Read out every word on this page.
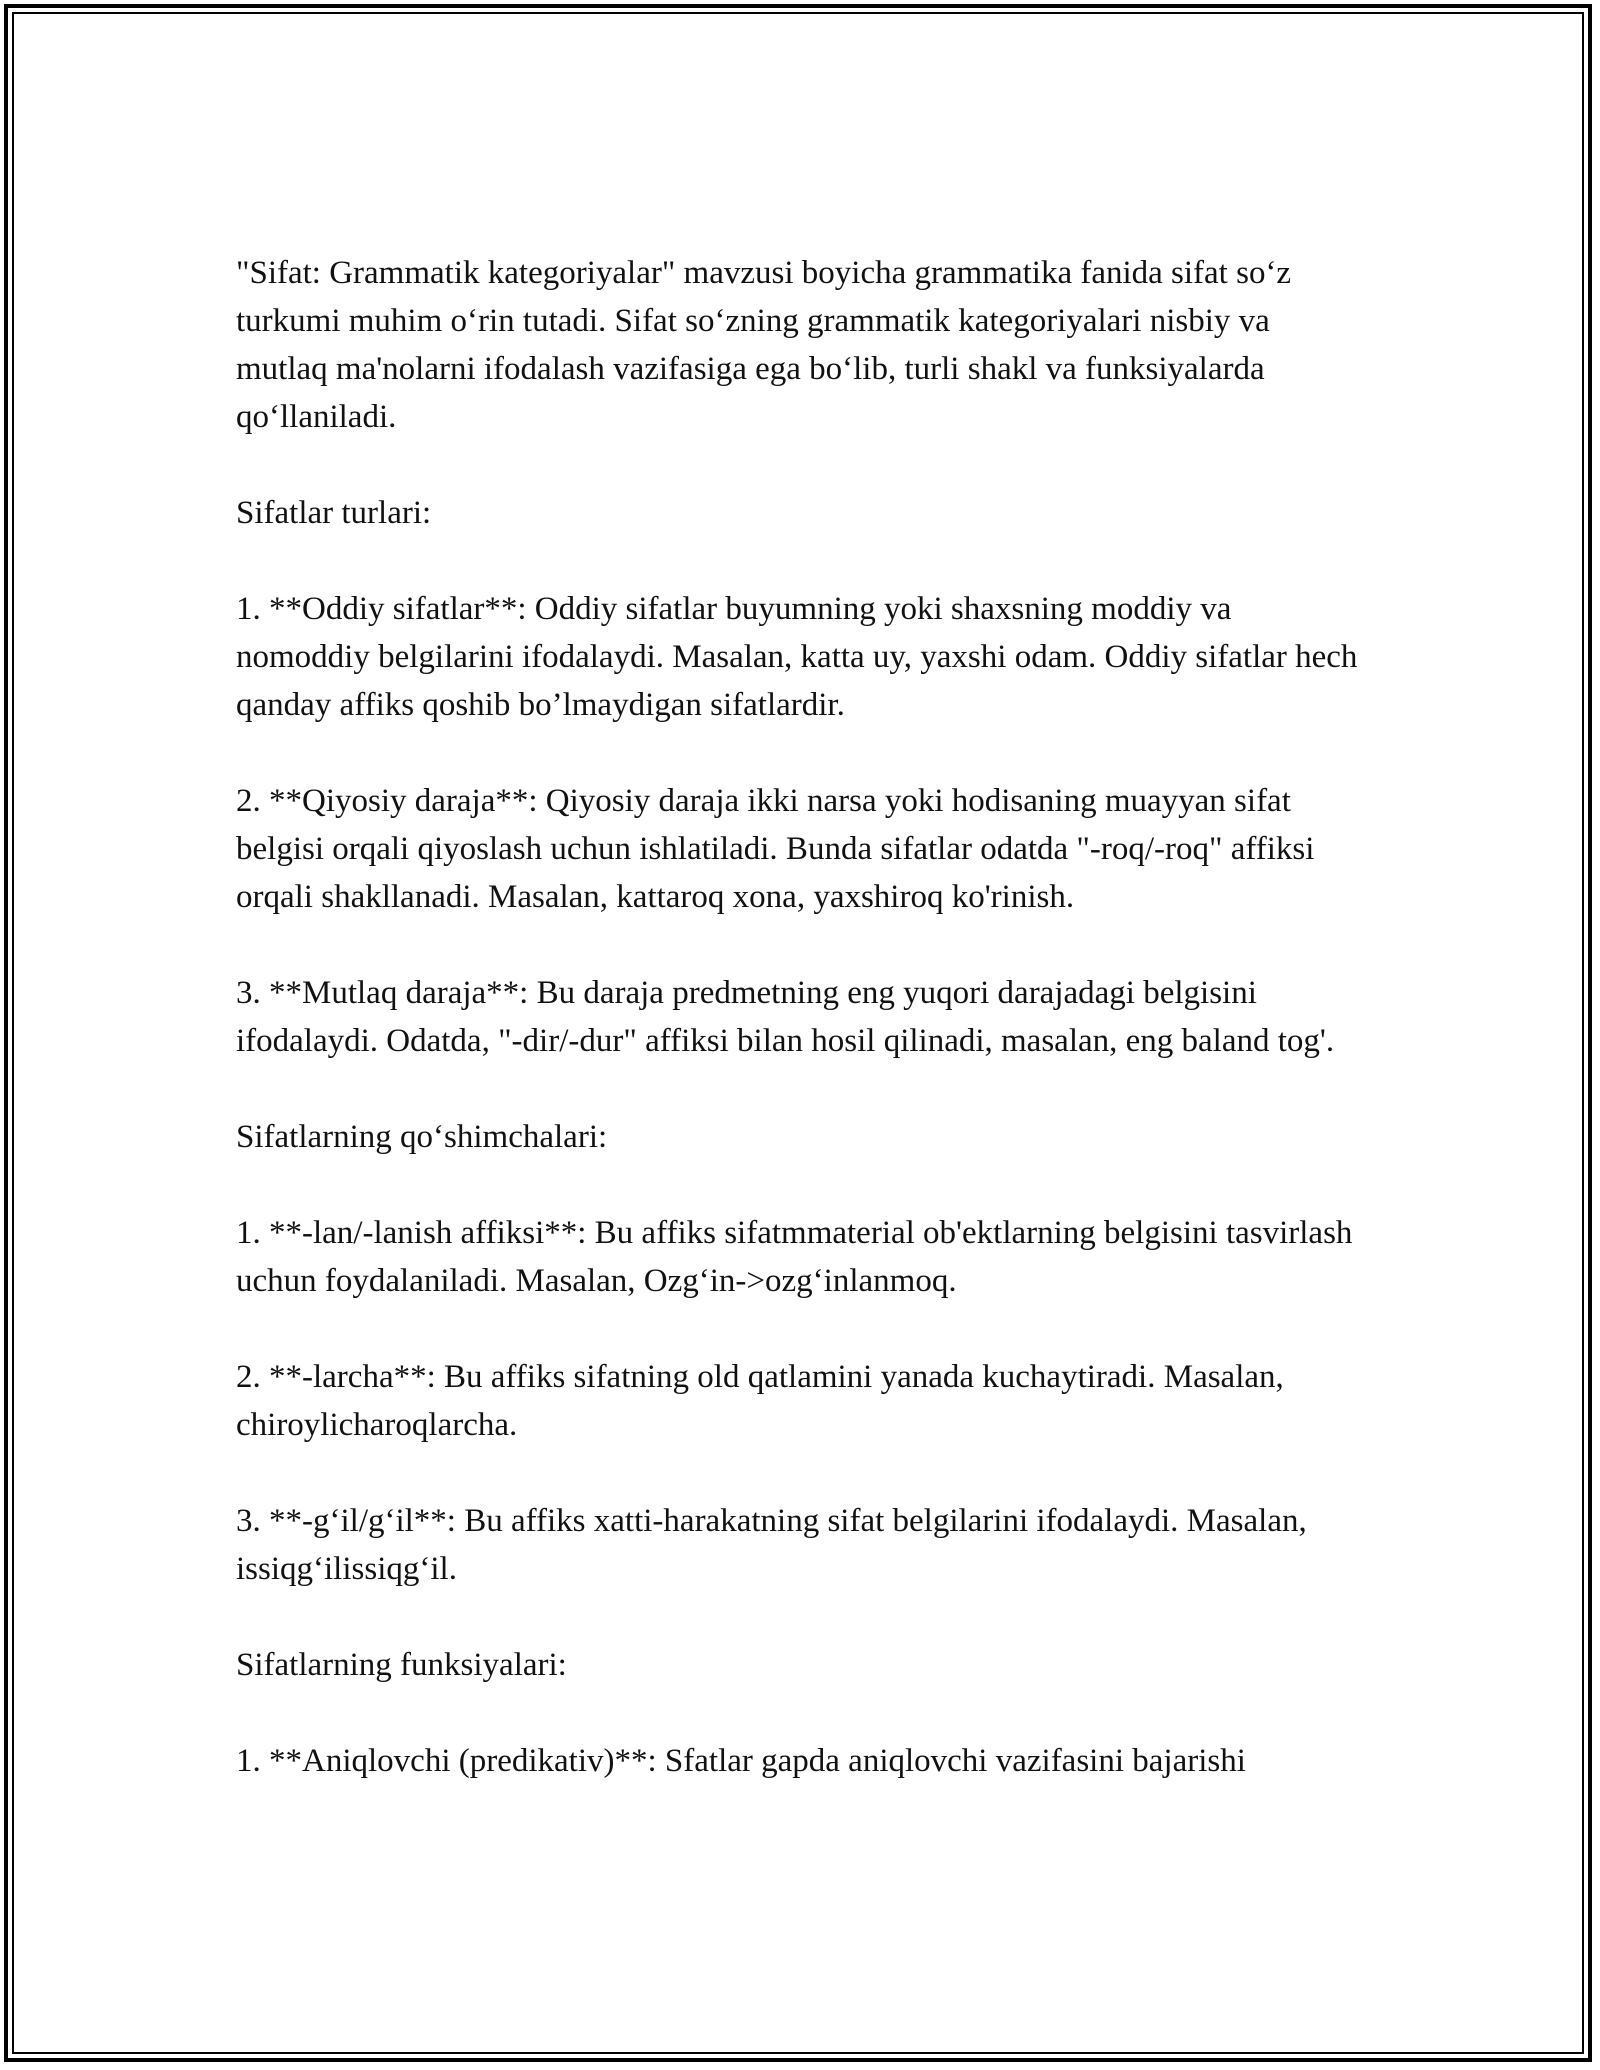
"Sifat: Grammatik kategoriyalar" mavzusi boyicha grammatika fanida sifat so‘z turkumi muhim o‘rin tutadi. Sifat so‘zning grammatik kategoriyalari nisbiy va mutlaq ma'nolarni ifodalash vazifasiga ega bo‘lib, turli shakl va funksiyalarda qo‘llaniladi.

Sifatlar turlari:

1. **Oddiy sifatlar**: Oddiy sifatlar buyumning yoki shaxsning moddiy va nomoddiy belgilarini ifodalaydi. Masalan, katta uy, yaxshi odam. Oddiy sifatlar hech qanday affiks qoshib bo’lmaydigan sifatlardir.

2. **Qiyosiy daraja**: Qiyosiy daraja ikki narsa yoki hodisaning muayyan sifat belgisi orqali qiyoslash uchun ishlatiladi. Bunda sifatlar odatda "-roq/-roq" affiksi orqali shakllanadi. Masalan, kattaroq xona, yaxshiroq ko'rinish.

3. **Mutlaq daraja**: Bu daraja predmetning eng yuqori darajadagi belgisini ifodalaydi. Odatda, "-dir/-dur" affiksi bilan hosil qilinadi, masalan, eng baland tog'.

Sifatlarning qo‘shimchalari:

1. **-lan/-lanish affiksi**: Bu affiks sifatmmaterial ob'ektlarning belgisini tasvirlash uchun foydalaniladi. Masalan, Ozg‘in->ozg‘inlanmoq.

2. **-larcha**: Bu affiks sifatning old qatlamini yanada kuchaytiradi. Masalan, chiroylicharoqlarcha.

3. **-g‘il/g‘il**: Bu affiks xatti-harakatning sifat belgilarini ifodalaydi. Masalan, issiqg‘ilissiqg‘il.

Sifatlarning funksiyalari:

1. **Aniqlovchi (predikativ)**: Sfatlar gapda aniqlovchi vazifasini bajarishi
